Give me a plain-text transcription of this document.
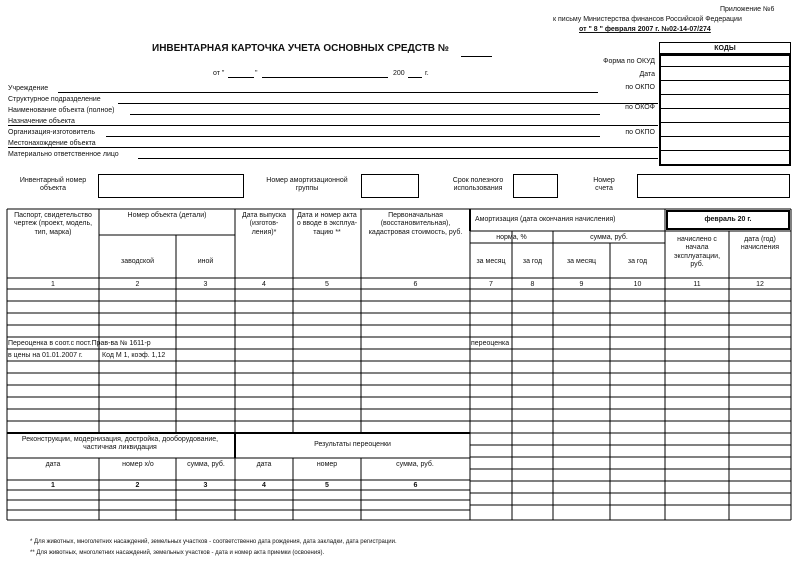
Приложение №6
к письму Министерства финансов Российской Федерации
от " 8 " февраля 2007 г. №02-14-07/274
ИНВЕНТАРНАЯ КАРТОЧКА УЧЕТА ОСНОВНЫХ СРЕДСТВ №
от "	"	200	г.
КОДЫ
Форма по ОКУД
Дата
по ОКПО
по ОКОФ
по ОКПО
Учреждение
Структурное подразделение
Наименование объекта (полное)
Назначение объекта
Организация-изготовитель
Местонахождение объекта
Материально ответственное лицо
Инвентарный номер объекта
Номер амортизационной группы
Срок полезного использования
Номер счета
Паспорт, свидетельство чертеж (проект, модель, тип, марка)
Номер объекта (детали)
заводской	иной
Дата выпуска (изготов-ления)*
Дата и номер акта о вводе в эксплуа-тацию **
Первоначальная (восстановительная), кадастровая стоимость, руб.
Амортизация (дата окончания начисления)	февраль 20 г.
норма, %	сумма, руб.
за месяц	за год	за месяц	за год
начислено с начала эксплуатации, руб.
дата (год) начисления
1	2	3	4	5	6	7	8	9	10	11	12
Переоценка в соот.с пост.Прав-ва № 1611-р
в цены на 01.01.2007 г.	Код М 1, коэф. 1,12
переоценка
Реконструкции, модернизация, достройка, дооборудование, частичная ликвидация	Результаты переоценки
дата	номер х/о	сумма, руб.	дата	номер	сумма, руб.
1	2	3	4	5	6
* Для животных, многолетних насаждений, земельных участков - соответственно дата рождения, дата закладки, дата регистрации.
** Для животных, многолетних насаждений, земельных участков - дата и номер акта приемки (освоения).
